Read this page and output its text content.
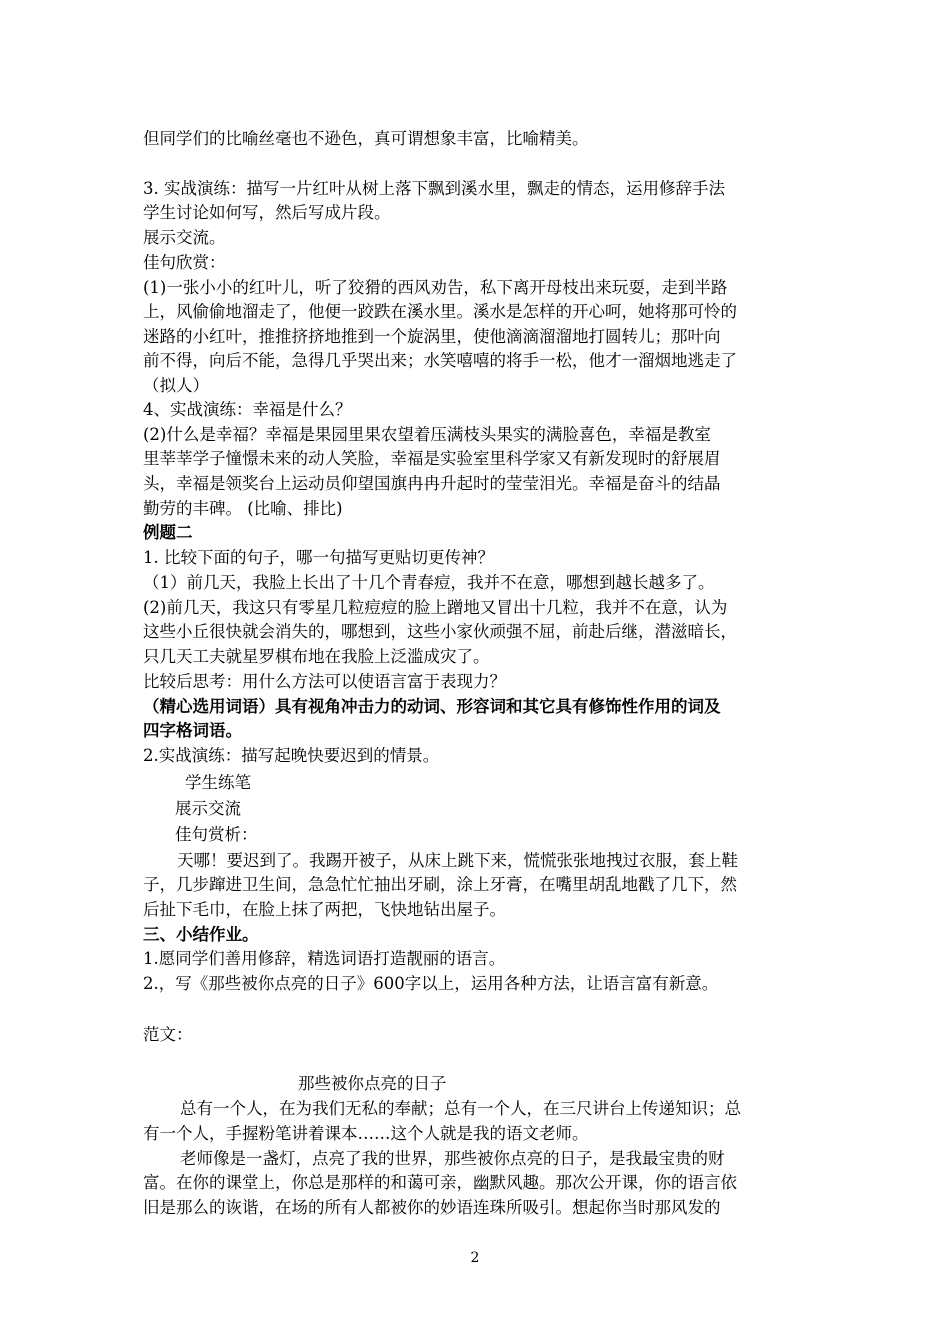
但同学们的比喻丝毫也不逊色，真可谓想象丰富，比喻精美。
3. 实战演练：描写一片红叶从树上落下飘到溪水里，飘走的情态，运用修辞手法
学生讨论如何写，然后写成片段。
展示交流。
佳句欣赏：
(1)一张小小的红叶儿，听了狡猾的西风劝告，私下离开母枝出来玩耍，走到半路
上，风偷偷地溜走了，他便一跤跌在溪水里。溪水是怎样的开心呵，她将那可怜的
迷路的小红叶，推推挤挤地推到一个旋涡里，使他滴滴溜溜地打圆转儿；那叶向
前不得，向后不能，急得几乎哭出来；水笑嘻嘻的将手一松，他才一溜烟地逃走了
（拟人）
4、实战演练：幸福是什么？
(2)什么是幸福？幸福是果园里果农望着压满枝头果实的满脸喜色，幸福是教室
里莘莘学子憧憬未来的动人笑脸，幸福是实验室里科学家又有新发现时的舒展眉
头，幸福是领奖台上运动员仰望国旗冉冉升起时的莹莹泪光。幸福是奋斗的结晶
勤劳的丰碑。 (比喻、排比)
例题二
1. 比较下面的句子，哪一句描写更贴切更传神？
（1）前几天，我脸上长出了十几个青春痘，我并不在意，哪想到越长越多了。
(2)前几天，我这只有零星几粒痘痘的脸上蹭地又冒出十几粒，我并不在意，认为
这些小丘很快就会消失的，哪想到，这些小家伙顽强不屈，前赴后继，潜滋暗长，
只几天工夫就星罗棋布地在我脸上泛滥成灾了。
比较后思考：用什么方法可以使语言富于表现力？
（精心选用词语）具有视角冲击力的动词、形容词和其它具有修饰性作用的词及
四字格词语。
2.实战演练：描写起晚快要迟到的情景。
学生练笔
展示交流
佳句赏析：
天哪！要迟到了。我踢开被子，从床上跳下来，慌慌张张地拽过衣服，套上鞋
子，几步蹿进卫生间，急急忙忙抽出牙刷，涂上牙膏，在嘴里胡乱地戳了几下，然
后扯下毛巾，在脸上抹了两把，飞快地钻出屋子。
三、小结作业。
1.愿同学们善用修辞，精选词语打造靓丽的语言。
2.，写《那些被你点亮的日子》600字以上，运用各种方法，让语言富有新意。
范文：
那些被你点亮的日子
总有一个人，在为我们无私的奉献；总有一个人，在三尺讲台上传递知识；总
有一个人，手握粉笔讲着课本……这个人就是我的语文老师。
老师像是一盏灯，点亮了我的世界，那些被你点亮的日子，是我最宝贵的财
富。在你的课堂上，你总是那样的和蔼可亲，幽默风趣。那次公开课，你的语言依
旧是那么的诙谐，在场的所有人都被你的妙语连珠所吸引。想起你当时那风发的
2
